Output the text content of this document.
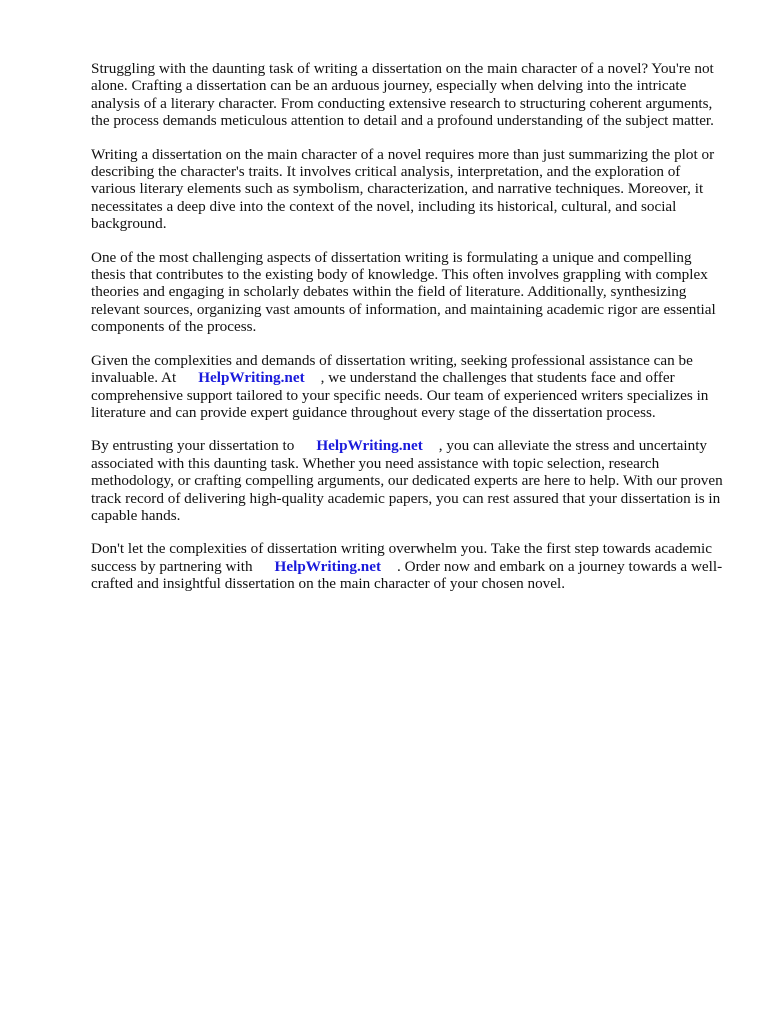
Struggling with the daunting task of writing a dissertation on the main character of a novel? You're not alone. Crafting a dissertation can be an arduous journey, especially when delving into the intricate analysis of a literary character. From conducting extensive research to structuring coherent arguments, the process demands meticulous attention to detail and a profound understanding of the subject matter.

Writing a dissertation on the main character of a novel requires more than just summarizing the plot or describing the character's traits. It involves critical analysis, interpretation, and the exploration of various literary elements such as symbolism, characterization, and narrative techniques. Moreover, it necessitates a deep dive into the context of the novel, including its historical, cultural, and social background.

One of the most challenging aspects of dissertation writing is formulating a unique and compelling thesis that contributes to the existing body of knowledge. This often involves grappling with complex theories and engaging in scholarly debates within the field of literature. Additionally, synthesizing relevant sources, organizing vast amounts of information, and maintaining academic rigor are essential components of the process.

Given the complexities and demands of dissertation writing, seeking professional assistance can be invaluable. At HelpWriting.net , we understand the challenges that students face and offer comprehensive support tailored to your specific needs. Our team of experienced writers specializes in literature and can provide expert guidance throughout every stage of the dissertation process.

By entrusting your dissertation to HelpWriting.net , you can alleviate the stress and uncertainty associated with this daunting task. Whether you need assistance with topic selection, research methodology, or crafting compelling arguments, our dedicated experts are here to help. With our proven track record of delivering high-quality academic papers, you can rest assured that your dissertation is in capable hands.

Don't let the complexities of dissertation writing overwhelm you. Take the first step towards academic success by partnering with HelpWriting.net . Order now and embark on a journey towards a well-crafted and insightful dissertation on the main character of your chosen novel.
